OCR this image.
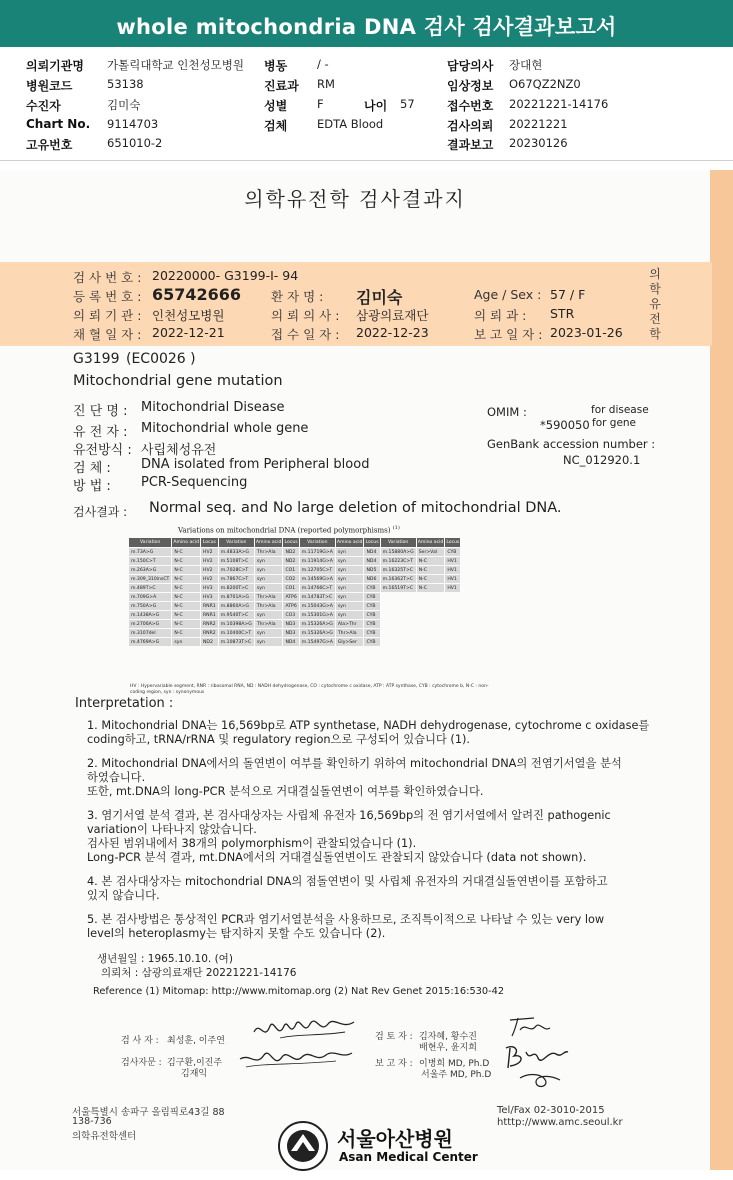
whole mitochondria DNA 검사 검사결과보고서
의뢰기관명 가톨릭대학교 인천성모병원 병동	/ -	담당의사 장대현
병원코드	53138	진료과 RM	임상정보 O67QZ2NZ0
수진자	김미숙	성별	F	나이 57	접수번호 20221221-14176
Chart No. 9114703	검체	EDTA Blood	검사의뢰 20221221
고유번호	651010-2	결과보고 20230126
의학유전학 검사결과지
검 사 번 호 : 20220000- G3199-I- 94
등 록 번 호 : 65742666 환 자 명 : 김미숙	Age / Sex : 57 / F
의 뢰 기 관 : 인천성모병원	의 뢰 의 사 : 삼광의료재단	의 뢰 과 : STR
채 혈 일 자 : 2022-12-21	접 수 일 자 : 2022-12-23	보 고 일 자 : 2023-01-26
의학유전학
G3199 (EC0026 )
Mitochondrial gene mutation
진 단 명 : Mitochondrial Disease
유 전 자 : Mitochondrial whole gene
유전방식 : 사립체성유전
검 체 : DNA isolated from Peripheral blood
방 법 : PCR-Sequencing
OMIM :	for disease
*590050 for gene
GenBank accession number :
NC_012920.1
검사결과 : Normal seq. and No large deletion of mitochondrial DNA.
Variations on mitochondrial DNA (reported polymorphisms) $^{(1)}$
Variation	Amino acid	Locus	Variation	Amino acid	Locus	Variation	Amino acid	Locus	Variation	Amino acid	Locus
m.73A>G	N-C	HV2	m.4833A>G	Thr>Ala	ND2	m.11719G>A	syn	ND4	m.15880A>G	Ser>Val	CYB
m.150C>T	N-C	HV2	m.5108T>C	syn	ND2	m.11914G>A	syn	ND4	m.16223C>T	N-C	HV1
m.263A>G	N-C	HV2	m.7028C>T	syn	CO1	m.12705C>T	syn	ND5	m.16325T>C	N-C	HV1
m.309_310insCT	N-C	HV2	m.7867C>T	syn	CO2	m.14569G>A	syn	ND6	m.16362T>C	N-C	HV1
m.489T>C	N-C	HV3	m.8200T>C	syn	CO1	m.14766C>T	syn	CYB	m.16519T>C	N-C	HV1
m.709G>A	N-C	HV3	m.8701A>G	Thr>Ala	ATP6	m.14783T>C	syn	CYB			
m.750A>G	N-C	RNR1	m.8860A>G	Thr>Ala	ATP6	m.15043G>A	syn	CYB			
m.1438A>G	N-C	RNR1	m.9540T>C	syn	CO3	m.15301G>A	syn	CYB			
m.2706A>G	N-C	RNR2	m.10398A>G	Thr>Ala	ND3	m.15326A>G	Ala>Thr	CYB			
m.3107del	N-C	RNR2	m.10400C>T	syn	ND3	m.15326A>G	Thr>Ala	CYB			
m.4769A>G	syn	ND2	m.10873T>C	syn	ND4	m.15497G>A	Gly>Ser	CYB			
HV : Hypervariable segment, RNR : ribosomal RNA, ND : NADH dehydrogenase, CO : cytochrome c oxidase, ATP : ATP synthase, CYB : cytochrome b, N-C : non-coding region, syn : synonymous
Interpretation :
1. Mitochondrial DNA는 16,569bp로 ATP synthetase, NADH dehydrogenase, cytochrome c oxidase를
coding하고, tRNA/rRNA 및 regulatory region으로 구성되어 있습니다 (1).
2. Mitochondrial DNA에서의 돌연변이 여부를 확인하기 위하여 mitochondrial DNA의 전염기서열을 분석
하였습니다.
또한, mt.DNA의 long-PCR 분석으로 거대결실돌연변이 여부를 확인하였습니다.
3. 염기서열 분석 결과, 본 검사대상자는 사립체 유전자 16,569bp의 전 염기서열에서 알려진 pathogenic
variation이 나타나지 않았습니다.
검사된 범위내에서 38개의 polymorphism이 관찰되었습니다 (1).
Long-PCR 분석 결과, mt.DNA에서의 거대결실돌연변이도 관찰되지 않았습니다 (data not shown).
4. 본 검사대상자는 mitochondrial DNA의 점돌연변이 및 사립체 유전자의 거대결실돌연변이를 포함하고
있지 않습니다.
5. 본 검사방법은 통상적인 PCR과 염기서열분석을 사용하므로, 조직특이적으로 나타날 수 있는 very low
level의 heteroplasmy는 탐지하지 못할 수도 있습니다 (2).
생년월일 : 1965.10.10. (여)
의뢰처 : 삼광의료재단 20221221-14176
Reference (1) Mitomap: http://www.mitomap.org (2) Nat Rev Genet 2015:16:530-42
검 사 자 : 최성훈, 이주연
검사자문 : 김구환,이진주
김재익
검 토 자 : 김자혜, 황수진
배현우, 윤지희
보 고 자 : 이병희 MD, Ph.D
서울주 MD, Ph.D
서울특별시 송파구 올림픽로43길 88
138-736
의학유전학센터	서울아산병원
Asan Medical Center
Tel/Fax 02-3010-2015
htttp://www.amc.seoul.kr
